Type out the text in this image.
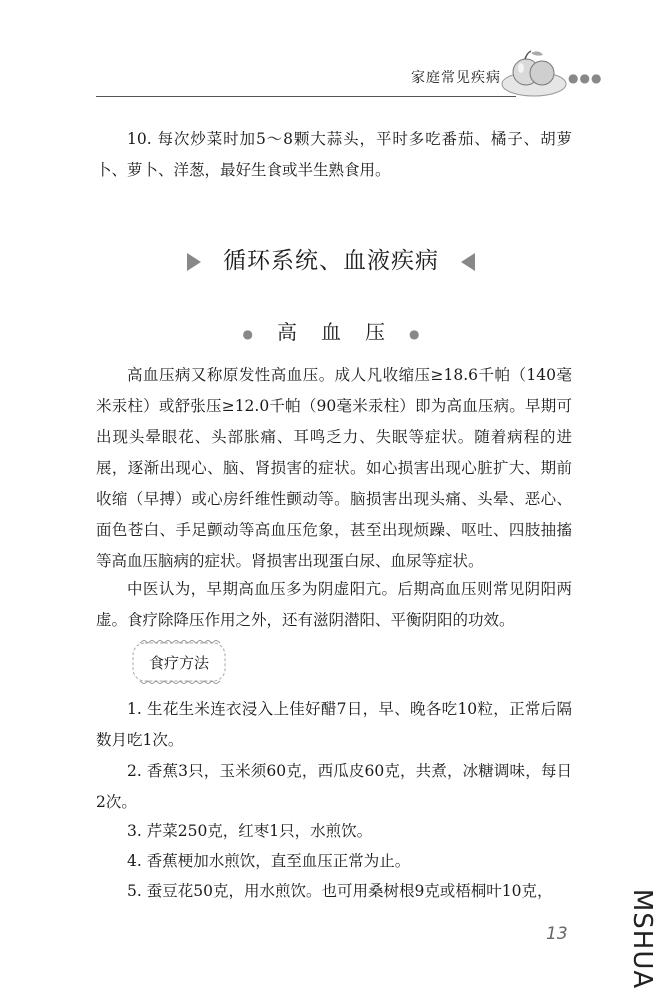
家庭常见疾病	●●●

10. 每次炒菜时加5～8颗大蒜头，平时多吃番茄、橘子、胡萝卜、萝卜、洋葱，最好生食或半生熟食用。

循环系统、血液疾病
● 高 血 压 ●

高血压病又称原发性高血压。成人凡收缩压≥18.6千帕（140毫米汞柱）或舒张压≥12.0千帕（90毫米汞柱）即为高血压病。早期可出现头晕眼花、头部胀痛、耳鸣乏力、失眠等症状。随着病程的进展，逐渐出现心、脑、肾损害的症状。如心损害出现心脏扩大、期前收缩（早搏）或心房纤维性颤动等。脑损害出现头痛、头晕、恶心、面色苍白、手足颤动等高血压危象，甚至出现烦躁、呕吐、四肢抽搐等高血压脑病的症状。肾损害出现蛋白尿、血尿等症状。

中医认为，早期高血压多为阴虚阳亢。后期高血压则常见阴阳两虚。食疗除降压作用之外，还有滋阴潜阳、平衡阴阳的功效。

食疗方法

1. 生花生米连衣浸入上佳好醋7日，早、晚各吃10粒，正常后隔数月吃1次。

2. 香蕉3只，玉米须60克，西瓜皮60克，共煮，冰糖调味，每日2次。

3. 芹菜250克，红枣1只，水煎饮。

4. 香蕉梗加水煎饮，直至血压正常为止。

5. 蚕豆花50克，用水煎饮。也可用桑树根9克或梧桐叶10克，

13 MSHUA
